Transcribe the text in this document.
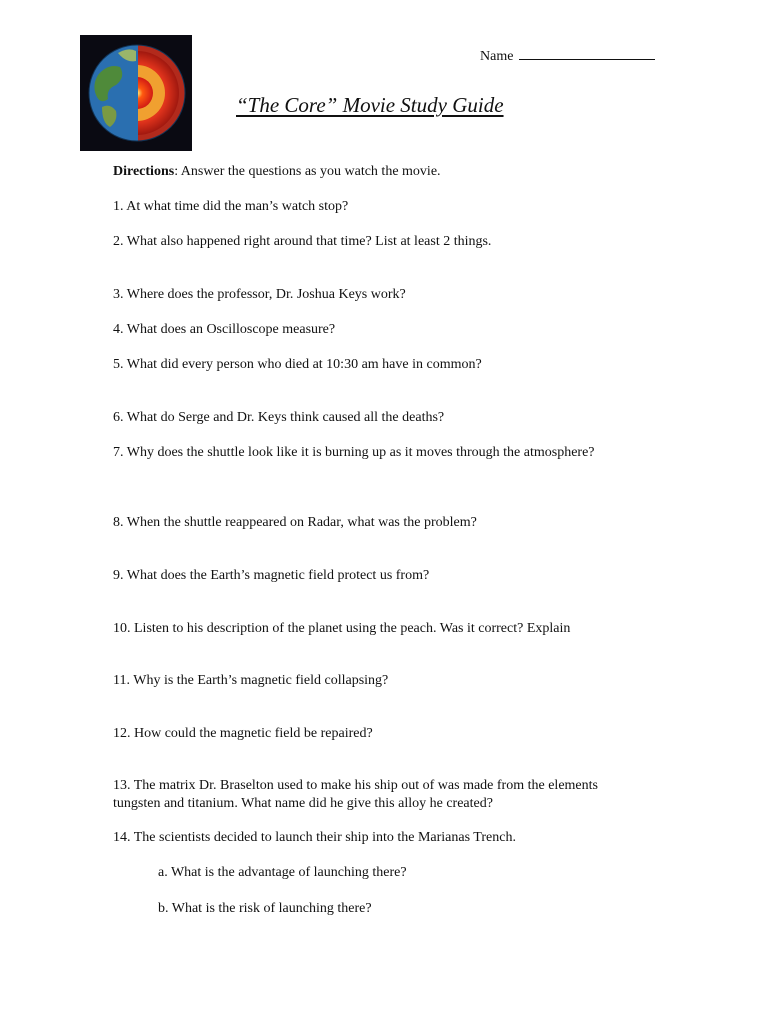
Name
“The Core” Movie Study Guide
Directions: Answer the questions as you watch the movie.
1. At what time did the man’s watch stop?
2. What also happened right around that time? List at least 2 things.
3. Where does the professor, Dr. Joshua Keys work?
4. What does an Oscilloscope measure?
5. What did every person who died at 10:30 am have in common?
6. What do Serge and Dr. Keys think caused all the deaths?
7. Why does the shuttle look like it is burning up as it moves through the atmosphere?
8. When the shuttle reappeared on Radar, what was the problem?
9. What does the Earth’s magnetic field protect us from?
10. Listen to his description of the planet using the peach. Was it correct? Explain
11. Why is the Earth’s magnetic field collapsing?
12. How could the magnetic field be repaired?
13. The matrix Dr. Braselton used to make his ship out of was made from the elements
tungsten and titanium. What name did he give this alloy he created?
14. The scientists decided to launch their ship into the Marianas Trench.
a. What is the advantage of launching there?
b. What is the risk of launching there?
